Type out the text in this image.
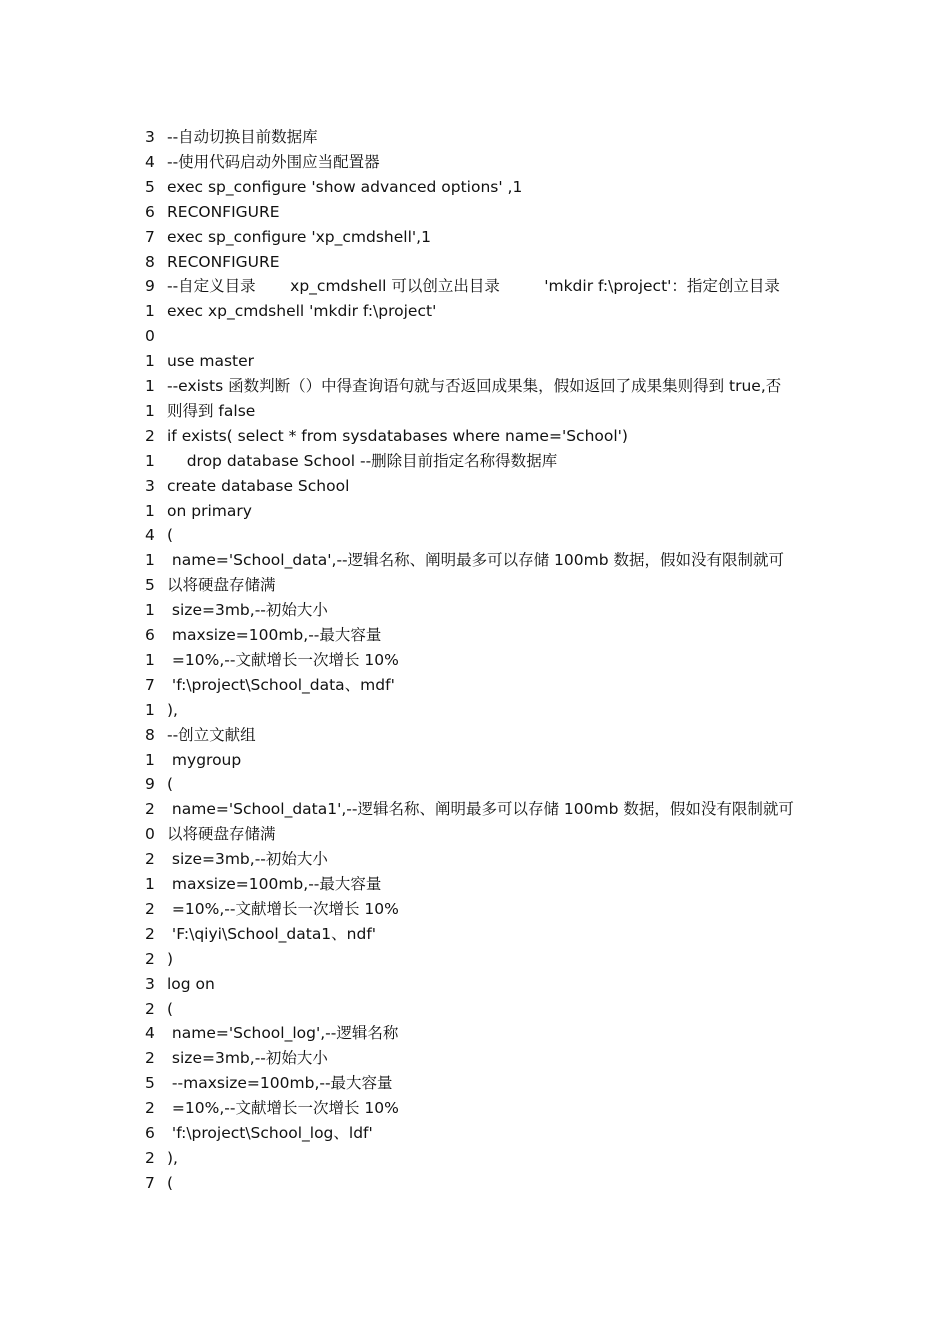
3 --自动切换目前数据库
4 --使用代码启动外围应当配置器
5 exec sp_configure 'show advanced options' ,1
6 RECONFIGURE
7 exec sp_configure 'xp_cmdshell',1
8 RECONFIGURE
9 --自定义目录       xp_cmdshell 可以创立出目录         'mkdir f:\project'：指定创立目录
1 exec xp_cmdshell 'mkdir f:\project'
0
1 use master
1 --exists 函数判断（）中得查询语句就与否返回成果集，假如返回了成果集则得到 true,否
1 则得到 false
2 if exists( select * from sysdatabases where name='School')
1 drop database School --删除目前指定名称得数据库
3 create database School
1 on primary
4 (
1 name='School_data',--逻辑名称、阐明最多可以存储 100mb 数据，假如没有限制就可
5 以将硬盘存储满
1 size=3mb,--初始大小
6 maxsize=100mb,--最大容量
1 =10%,--文献增长一次增长 10%
7 'f:\project\School_data、mdf'
1 ),
8 --创立文献组
1 mygroup
9 (
2 name='School_data1',--逻辑名称、阐明最多可以存储 100mb 数据，假如没有限制就可
0 以将硬盘存储满
2 size=3mb,--初始大小
1 maxsize=100mb,--最大容量
2 =10%,--文献增长一次增长 10%
2 'F:\qiyi\School_data1、ndf'
2 )
3 log on
2 (
4 name='School_log',--逻辑名称
2 size=3mb,--初始大小
5 --maxsize=100mb,--最大容量
2 =10%,--文献增长一次增长 10%
6 'f:\project\School_log、ldf'
2 ),
7 (
